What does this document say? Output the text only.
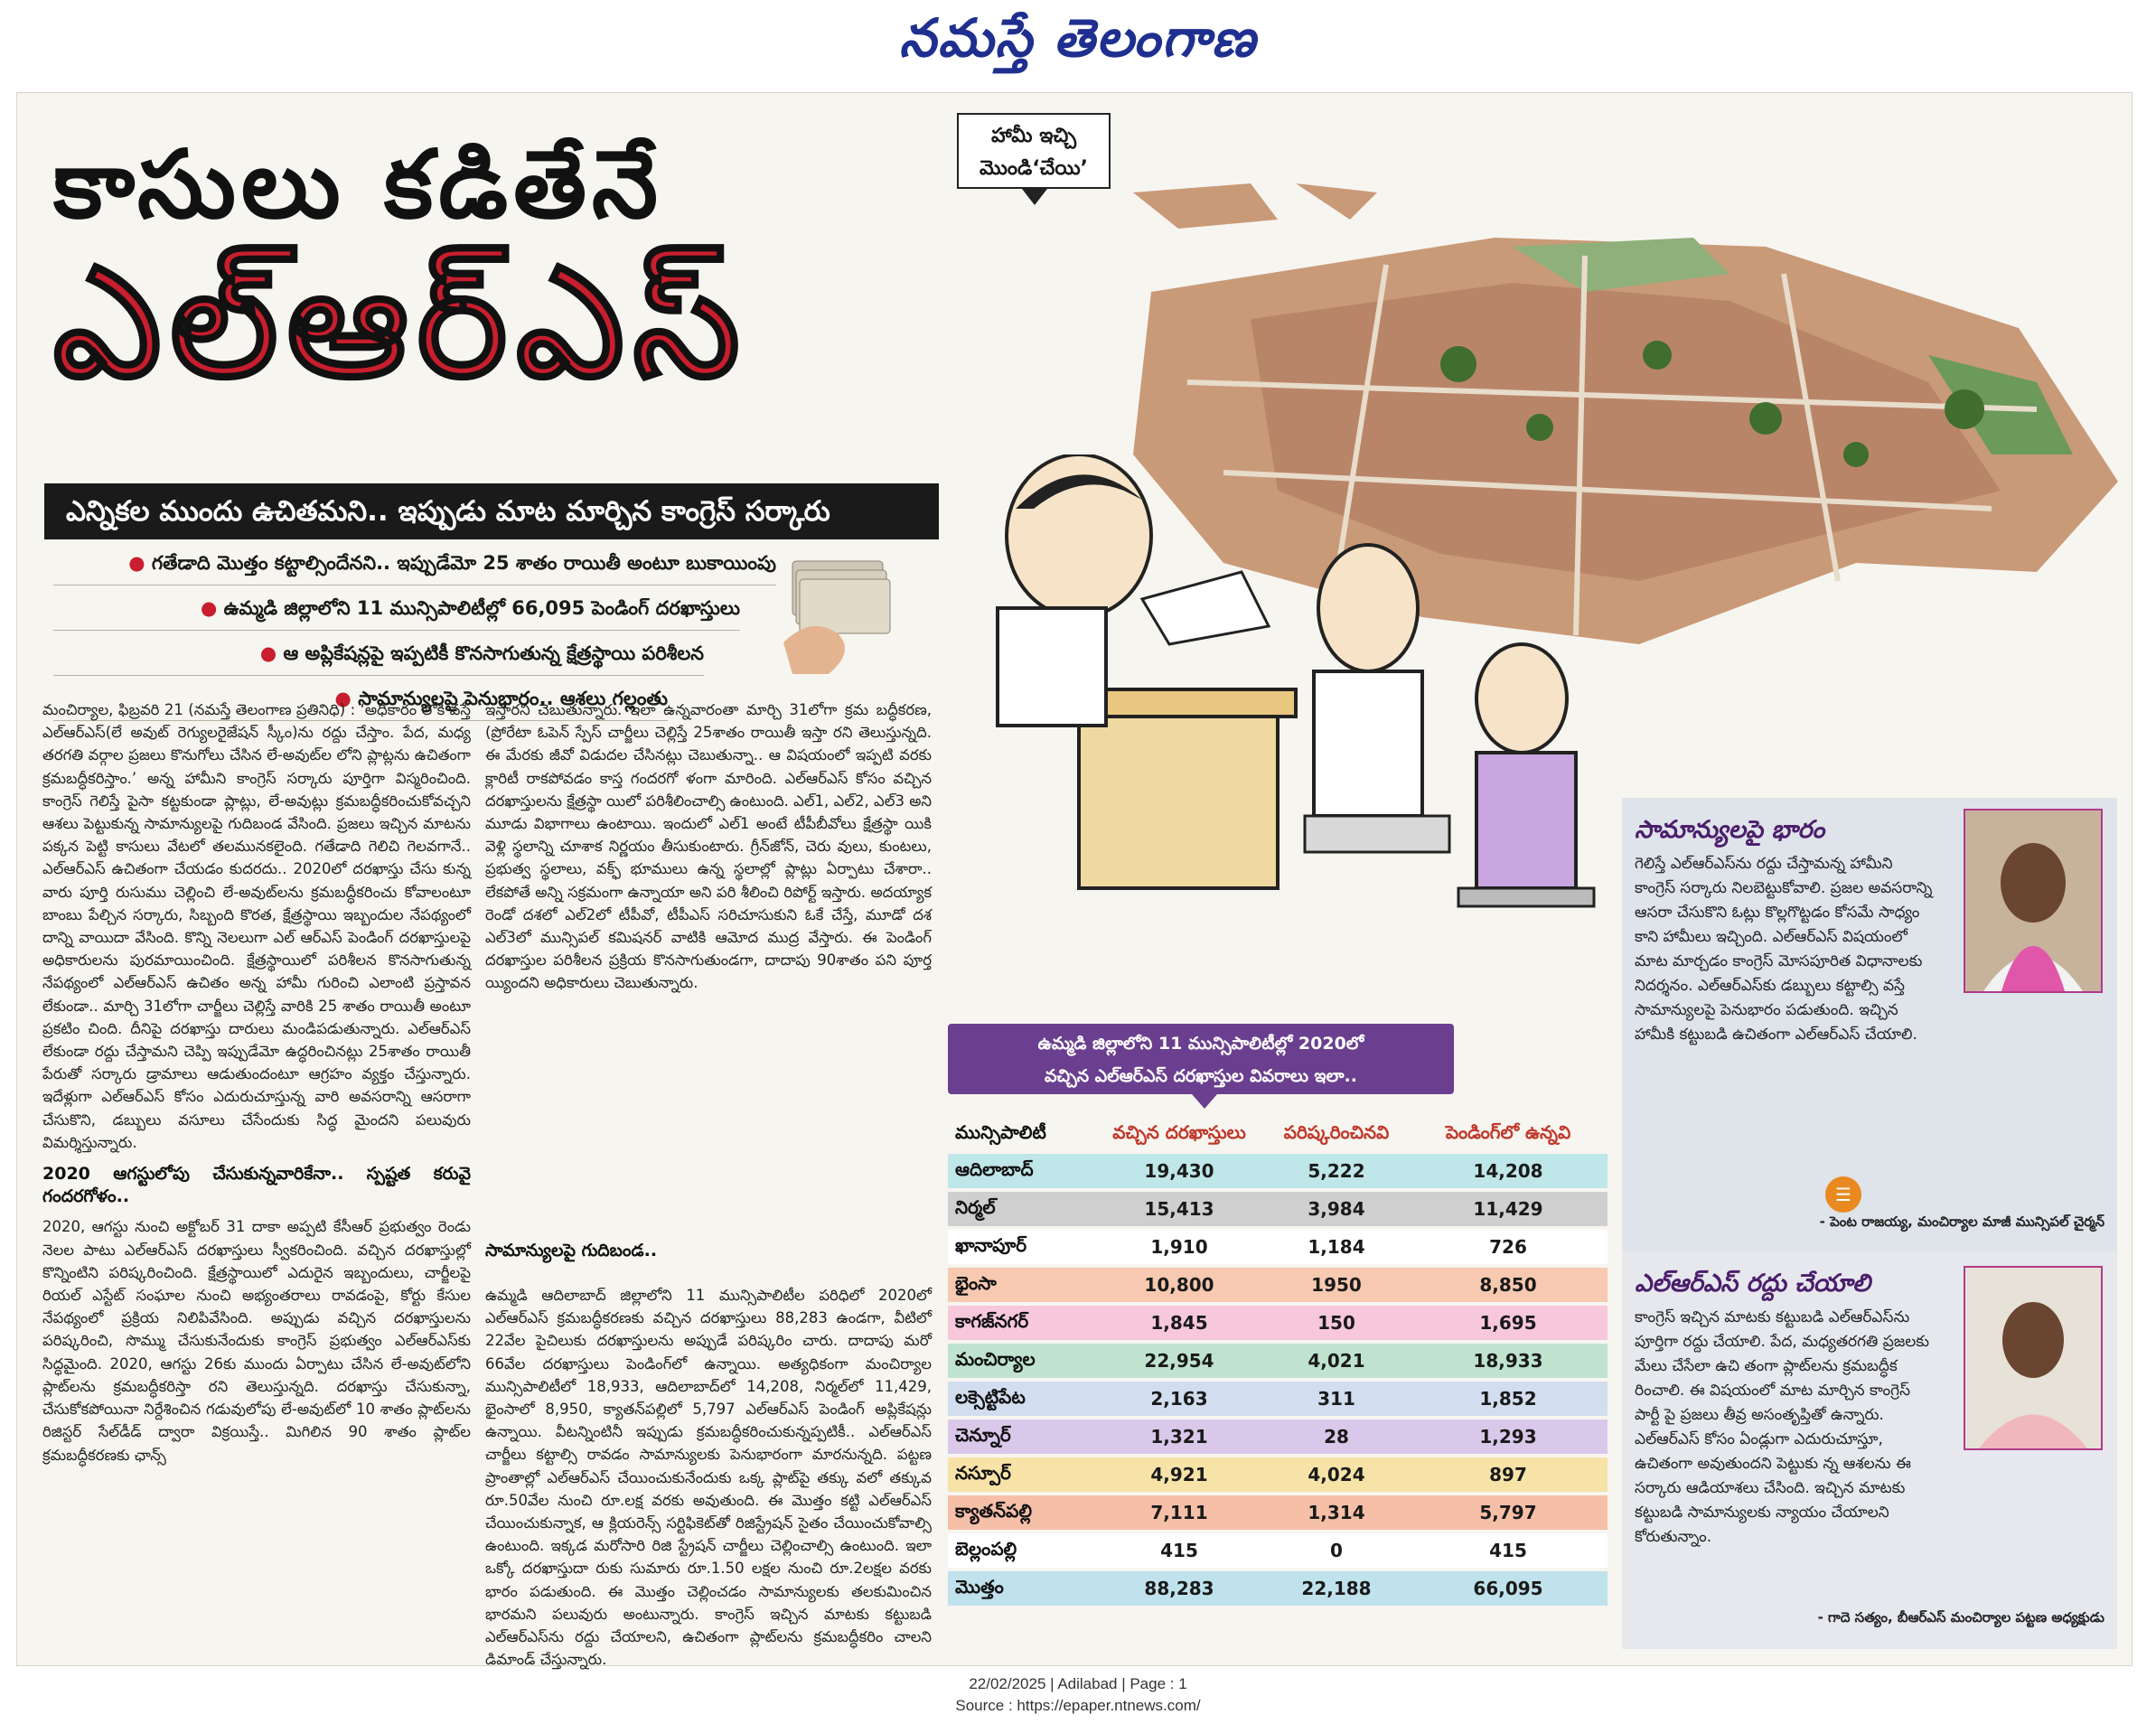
నమస్తే తెలంగాణ
కాసులు కడితేనే
ఎల్‌ఆర్‌ఎస్‌
హామీ ఇచ్చి
మొండి‘చేయి’
ఎన్నికల ముందు ఉచితమని.. ఇప్పుడు మాట మార్చిన కాంగ్రెస్‌ సర్కారు
● గతేడాది మొత్తం కట్టాల్సిందేనని.. ఇప్పుడేమో 25 శాతం రాయితీ అంటూ బుకాయింపు
● ఉమ్మడి జిల్లాలోని 11 మున్సిపాలిటీల్లో 66,095 పెండింగ్‌ దరఖాస్తులు
● ఆ అప్లికేషన్లపై ఇప్పటికీ కొనసాగుతున్న క్షేత్రస్థాయి పరిశీలన
● సామాన్యులపై పెనుభారం.. ఆశలు గల్లంతు

మంచిర్యాల, ఫిబ్రవరి 21 (నమస్తే తెలంగాణ ప్రతినిధి) : ‘అధికారం లోకి వస్తే ఎల్‌ఆర్‌ఎస్‌(లే అవుట్‌ రెగ్యులరైజేషన్‌ స్కీం)ను రద్దు చేస్తాం. పేద, మధ్య తరగతి వర్గాల ప్రజలు కొనుగోలు చేసిన లే-అవుట్‌ల లోని ప్లాట్లను ఉచితంగా క్రమబద్ధీకరిస్తాం.’ అన్న హామీని కాంగ్రెస్‌ సర్కారు పూర్తిగా విస్మరించింది. కాంగ్రెస్‌ గెలిస్తే పైసా కట్టకుండా ప్లాట్లు, లే-అవుట్లు క్రమబద్ధీకరించుకోవచ్చని ఆశలు పెట్టుకున్న సామాన్యులపై గుదిబండ వేసింది. ప్రజలు ఇచ్చిన మాటను పక్కన పెట్టి కాసులు వేటలో తలమునకలైంది. గతేడాది గెలిచి గెలవగానే.. ఎల్‌ఆర్‌ఎస్‌ ఉచితంగా చేయడం కుదరదు.. 2020లో దరఖాస్తు చేసు కున్న వారు పూర్తి రుసుము చెల్లించి లే-అవుట్‌లను క్రమబద్ధీకరించు కోవాలంటూ బాంబు పేల్చిన సర్కారు, సిబ్బంది కొరత, క్షేత్రస్థాయి ఇబ్బందుల నేపథ్యంలో దాన్ని వాయిదా వేసింది. కొన్ని నెలలుగా ఎల్‌ ఆర్‌ఎస్‌ పెండింగ్‌ దరఖాస్తులపై అధికారులను పురమాయించింది. క్షేత్రస్థాయిలో పరిశీలన కొనసాగుతున్న నేపథ్యంలో ఎల్‌ఆర్‌ఎస్‌ ఉచితం అన్న హామీ గురించి ఎలాంటి ప్రస్తావన లేకుండా.. మార్చి 31లోగా చార్జీలు చెల్లిస్తే వారికి 25 శాతం రాయితీ అంటూ ప్రకటిం చింది. దీనిపై దరఖాస్తు దారులు మండిపడుతున్నారు. ఎల్‌ఆర్‌ఎస్‌ లేకుండా రద్దు చేస్తామని చెప్పి ఇప్పుడేమో ఉద్ధరించినట్లు 25శాతం రాయితీ పేరుతో సర్కారు డ్రామాలు ఆడుతుందంటూ ఆగ్రహం వ్యక్తం చేస్తున్నారు. ఇదేళ్లుగా ఎల్‌ఆర్‌ఎస్‌ కోసం ఎదురుచూస్తున్న వారి అవసరాన్ని ఆసరాగా చేసుకొని, డబ్బులు వసూలు చేసేందుకు సిద్ధ మైందని పలువురు విమర్శిస్తున్నారు.

2020 ఆగస్టులోపు చేసుకున్నవారికేనా.. స్పష్టత కరువై గందరగోళం..

2020, ఆగస్టు నుంచి అక్టోబర్‌ 31 దాకా అప్పటి కేసీఆర్‌ ప్రభుత్వం రెండు నెలల పాటు ఎల్‌ఆర్‌ఎస్‌ దరఖాస్తులు స్వీకరించింది. వచ్చిన దరఖాస్తుల్లో కొన్నింటిని పరిష్కరించింది. క్షేత్రస్థాయిలో ఎదురైన ఇబ్బందులు, చార్జీలపై రియల్‌ ఎస్టేట్‌ సంఘాల నుంచి అభ్యంతరాలు రావడంపై, కోర్టు కేసుల నేపథ్యంలో ప్రక్రియ నిలిపివేసింది. అప్పుడు వచ్చిన దరఖాస్తులను పరిష్కరించి, సొమ్ము చేసుకునేందుకు కాంగ్రెస్‌ ప్రభుత్వం ఎల్‌ఆర్‌ఎస్‌కు సిద్ధమైంది. 2020, ఆగస్టు 26కు ముందు ఏర్పాటు చేసిన లే-అవుట్‌లోని ప్లాట్‌లను క్రమబద్ధీకరిస్తా రని తెలుస్తున్నది. దరఖాస్తు చేసుకున్నా, చేసుకోకపోయినా నిర్దేశించిన గడువులోపు లే-అవుట్‌లో 10 శాతం ప్లాట్‌లను రిజిస్టర్‌ సేల్‌డీడ్‌ ద్వారా విక్రయిస్తే.. మిగిలిన 90 శాతం ప్లాట్‌ల క్రమబద్ధీకరణకు ఛాన్స్‌

ఇస్తారని చెబుతున్నారు. ఇలా ఉన్నవారంతా మార్చి 31లోగా క్రమ బద్ధీకరణ, (ప్రోరేటా ఓపెన్‌ స్పేస్‌ చార్జీలు చెల్లిస్తే 25శాతం రాయితీ ఇస్తా రని తెలుస్తున్నది. ఈ మేరకు జీవో విడుదల చేసినట్లు చెబుతున్నా.. ఆ విషయంలో ఇప్పటి వరకు క్లారిటీ రాకపోవడం కాస్త గందరగో ళంగా మారింది. ఎల్‌ఆర్‌ఎస్‌ కోసం వచ్చిన దరఖాస్తులను క్షేత్రస్థా యిలో పరిశీలించాల్సి ఉంటుంది. ఎల్‌1, ఎల్‌2, ఎల్‌3 అని మూడు విభాగాలు ఉంటాయి. ఇందులో ఎల్‌1 అంటే టీపీబీవోలు క్షేత్రస్థా యికి వెళ్లి స్థలాన్ని చూశాక నిర్ణయం తీసుకుంటారు. గ్రీన్‌జోన్‌, చెరు వులు, కుంటలు, ప్రభుత్వ స్థలాలు, వక్ఫ్‌ భూములు ఉన్న స్థలాల్లో ప్లాట్లు ఏర్పాటు చేశారా.. లేకపోతే అన్ని సక్రమంగా ఉన్నాయా అని పరి శీలించి రిపోర్ట్‌ ఇస్తారు. అదయ్యాక రెండో దశలో ఎల్‌2లో టీపీవో, టీపీఎస్‌ సరిచూసుకుని ఓకే చేస్తే, మూడో దశ ఎల్‌3లో మున్సిపల్‌ కమిషనర్‌ వాటికి ఆమోద ముద్ర వేస్తారు. ఈ పెండింగ్‌ దరఖాస్తుల పరిశీలన ప్రక్రియ కొనసాగుతుండగా, దాదాపు 90శాతం పని పూర్త య్యిందని అధికారులు చెబుతున్నారు.

సామాన్యులపై గుదిబండ..

ఉమ్మడి ఆదిలాబాద్‌ జిల్లాలోని 11 మున్సిపాలిటీల పరిధిలో 2020లో ఎల్‌ఆర్‌ఎస్‌ క్రమబద్ధీకరణకు వచ్చిన దరఖాస్తులు 88,283 ఉండగా, వీటిలో 22వేల పైచిలుకు దరఖాస్తులను అప్పుడే పరిష్కరిం చారు. దాదాపు మరో 66వేల దరఖాస్తులు పెండింగ్‌లో ఉన్నాయి. అత్యధికంగా మంచిర్యాల మున్సిపాలిటీలో 18,933, ఆదిలాబాద్‌లో 14,208, నిర్మల్‌లో 11,429, భైంసాలో 8,950, క్యాతన్‌పల్లిలో 5,797 ఎల్‌ఆర్‌ఎస్‌ పెండింగ్‌ అప్లికేషన్లు ఉన్నాయి. వీటన్నింటినీ ఇప్పుడు క్రమబద్ధీకరించుకున్నప్పటికీ.. ఎల్‌ఆర్‌ఎస్‌ చార్జీలు కట్టాల్సి రావడం సామాన్యులకు పెనుభారంగా మారనున్నది. పట్టణ ప్రాంతాల్లో ఎల్‌ఆర్‌ఎస్‌ చేయించుకునేందుకు ఒక్క ప్లాట్‌పై తక్కు వలో తక్కువ రూ.50వేల నుంచి రూ.లక్ష వరకు అవుతుంది. ఈ మొత్తం కట్టి ఎల్‌ఆర్‌ఎస్‌ చేయించుకున్నాక, ఆ క్లియరెన్స్‌ సర్టిఫికెట్‌తో రిజిస్ట్రేషన్‌ సైతం చేయించుకోవాల్సి ఉంటుంది. ఇక్కడ మరోసారి రిజి స్ట్రేషన్‌ చార్జీలు చెల్లించాల్సి ఉంటుంది. ఇలా ఒక్కో దరఖాస్తుదా రుకు సుమారు రూ.1.50 లక్షల నుంచి రూ.2లక్షల వరకు భారం పడుతుంది. ఈ మొత్తం చెల్లించడం సామాన్యులకు తలకుమించిన భారమని పలువురు అంటున్నారు. కాంగ్రెస్‌ ఇచ్చిన మాటకు కట్టుబడి ఎల్‌ఆర్‌ఎస్‌ను రద్దు చేయాలని, ఉచితంగా ప్లాట్‌లను క్రమబద్ధీకరిం చాలని డిమాండ్‌ చేస్తున్నారు.

ఉమ్మడి జిల్లాలోని 11 మున్సిపాలిటీల్లో 2020లో
వచ్చిన ఎల్‌ఆర్‌ఎస్‌ దరఖాస్తుల వివరాలు ఇలా..
మున్సిపాలిటీ	వచ్చిన దరఖాస్తులు	పరిష్కరించినవి	పెండింగ్‌లో ఉన్నవి
ఆదిలాబాద్‌	19,430	5,222	14,208
నిర్మల్‌	15,413	3,984	11,429
ఖానాపూర్‌	1,910	1,184	726
భైంసా	10,800	1950	8,850
కాగజ్‌నగర్‌	1,845	150	1,695
మంచిర్యాల	22,954	4,021	18,933
లక్సెట్టిపేట	2,163	311	1,852
చెన్నూర్‌	1,321	28	1,293
నస్పూర్‌	4,921	4,024	897
క్యాతన్‌పల్లి	7,111	1,314	5,797
బెల్లంపల్లి	415	0	415
మొత్తం	88,283	22,188	66,095
సామాన్యులపై భారం
గెలిస్తే ఎల్‌ఆర్‌ఎస్‌ను రద్దు చేస్తామన్న హామీని కాంగ్రెస్‌ సర్కారు నిలబెట్టుకోవాలి. ప్రజల అవసరాన్ని ఆసరా చేసుకొని ఓట్లు కొల్లగొట్టడం కోసమే సాధ్యం కాని హామీలు ఇచ్చింది. ఎల్‌ఆర్‌ఎస్‌ విషయంలో మాట మార్చడం కాంగ్రెస్‌ మోసపూరిత విధానాలకు నిదర్శనం. ఎల్‌ఆర్‌ఎస్‌కు డబ్బులు కట్టాల్సి వస్తే సామాన్యులపై పెనుభారం పడుతుంది. ఇచ్చిన హామీకి కట్టుబడి ఉచితంగా ఎల్‌ఆర్‌ఎస్‌ చేయాలి.
- పెంట రాజయ్య, మంచిర్యాల మాజీ మున్సిపల్‌ చైర్మన్‌
ఎల్‌ఆర్‌ఎస్‌ రద్దు చేయాలి
కాంగ్రెస్‌ ఇచ్చిన మాటకు కట్టుబడి ఎల్‌ఆర్‌ఎస్‌ను పూర్తిగా రద్దు చేయాలి. పేద, మధ్యతరగతి ప్రజలకు మేలు చేసేలా ఉచి తంగా ప్లాట్‌లను క్రమబద్ధీక రించాలి. ఈ విషయంలో మాట మార్చిన కాంగ్రెస్‌ పార్టీ పై ప్రజలు తీవ్ర అసంతృప్తితో ఉన్నారు. ఎల్‌ఆర్‌ఎస్‌ కోసం ఏండ్లుగా ఎదురుచూస్తూ, ఉచితంగా అవుతుందని పెట్టుకు న్న ఆశలను ఈ సర్కారు ఆడియాశలు చేసింది. ఇచ్చిన మాటకు కట్టుబడి సామాన్యులకు న్యాయం చేయాలని కోరుతున్నాం.
- గాదె సత్యం, బీఆర్‌ఎస్‌ మంచిర్యాల పట్టణ అధ్యక్షుడు
☰
22/02/2025 | Adilabad | Page : 1
Source : https://epaper.ntnews.com/
